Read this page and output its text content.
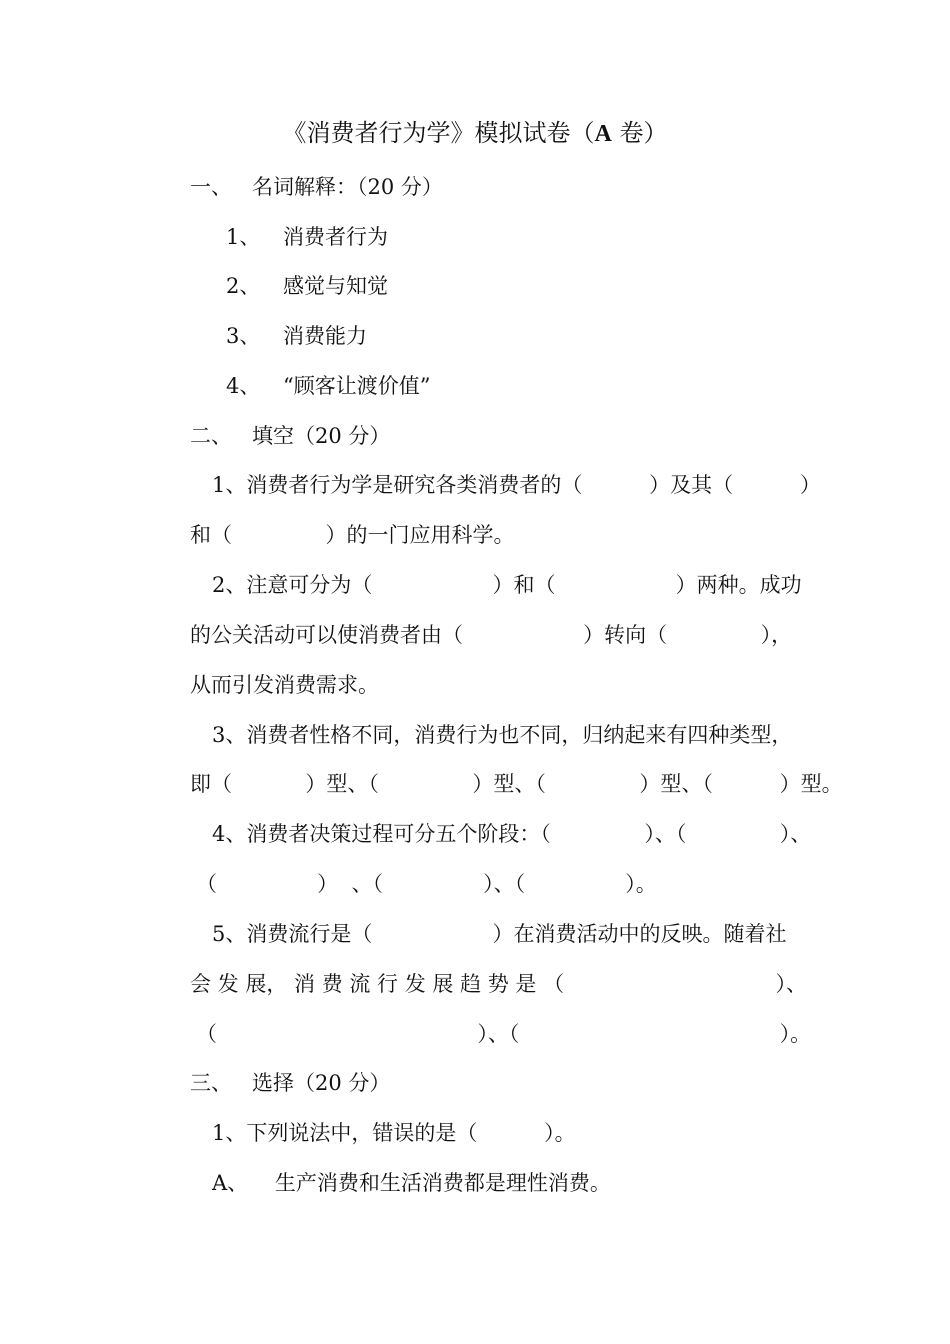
《消费者行为学》模拟试卷（A 卷）
一、   名词解释：（20 分）
1、 消费者行为
2、 感觉与知觉
3、 消费能力
4、 “顾客让渡价值”
二、   填空（20 分）
1、消费者行为学是研究各类消费者的（          ）及其（          ）
和（              ）的一门应用科学。
2、注意可分为（                  ）和（                  ）两种。成功
的公关活动可以使消费者由（                  ）转向（              ），
从而引发消费需求。
3、消费者性格不同，消费行为也不同，归纳起来有四种类型，
即（           ）型、（              ）型、（              ）型、（          ）型。
4、消费者决策过程可分五个阶段：（              ）、（              ）、
（               ）  、（               ）、（               ）。
5、消费流行是（                  ）在消费活动中的反映。随着社
会 发 展， 消 费 流 行 发 展 趋 势 是 （	）、
（                                       ）、（                                       ）。
三、   选择（20 分）
1、下列说法中，错误的是（          ）。
A、    生产消费和生活消费都是理性消费。
